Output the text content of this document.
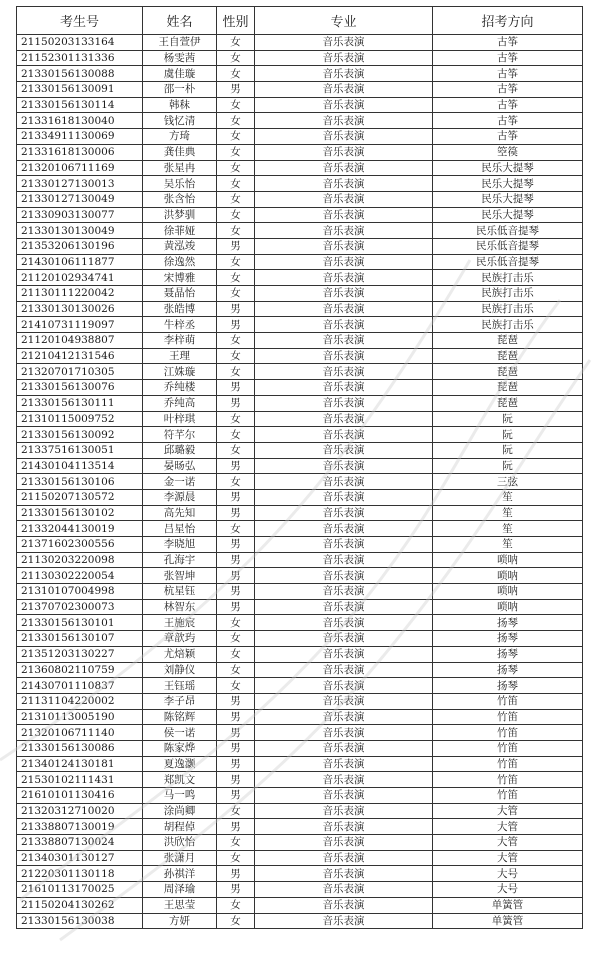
考生号	姓名	性别	专业	招考方向
21150203133164	王自萱伊	女	音乐表演	古筝
21152301131336	杨雯茜	女	音乐表演	古筝
21330156130088	虞佳璇	女	音乐表演	古筝
21330156130091	邵一朴	男	音乐表演	古筝
21330156130114	韩秣	女	音乐表演	古筝
21331618130040	钱忆清	女	音乐表演	古筝
21334911130069	方琦	女	音乐表演	古筝
21331618130006	龚佳典	女	音乐表演	箜篌
21320106711169	张星冉	女	音乐表演	民乐大提琴
21330127130013	吴乐怡	女	音乐表演	民乐大提琴
21330127130049	张含怡	女	音乐表演	民乐大提琴
21330903130077	洪梦驯	女	音乐表演	民乐大提琴
21330130130049	徐菲娅	女	音乐表演	民乐低音提琴
21353206130196	黄泓竣	男	音乐表演	民乐低音提琴
21430106111877	徐逸然	女	音乐表演	民乐低音提琴
21120102934741	宋博雅	女	音乐表演	民族打击乐
21130111220042	聂晶怡	女	音乐表演	民族打击乐
21330130130026	张皓博	男	音乐表演	民族打击乐
21410731119097	牛梓丞	男	音乐表演	民族打击乐
21120104938807	李梓萌	女	音乐表演	琵琶
21210412131546	王理	女	音乐表演	琵琶
21320701710305	江姝璇	女	音乐表演	琵琶
21330156130076	乔纯楼	男	音乐表演	琵琶
21330156130111	乔纯高	男	音乐表演	琵琶
21310115009752	叶梓琪	女	音乐表演	阮
21330156130092	符芊尔	女	音乐表演	阮
21337516130051	邱璐毅	女	音乐表演	阮
21430104113514	晏旸弘	男	音乐表演	阮
21330156130106	金一诺	女	音乐表演	三弦
21150207130572	李源晨	男	音乐表演	笙
21330156130102	高先知	男	音乐表演	笙
21332044130019	吕星怡	女	音乐表演	笙
21371602300556	李晓旭	男	音乐表演	笙
21130203220098	孔海宇	男	音乐表演	唢呐
21130302220054	张智坤	男	音乐表演	唢呐
21310107004998	杭星钰	男	音乐表演	唢呐
21370702300073	林智东	男	音乐表演	唢呐
21330156130101	王施宸	女	音乐表演	扬琴
21330156130107	章歆玙	女	音乐表演	扬琴
21351203130227	尤焙颖	女	音乐表演	扬琴
21360802110759	刘静仪	女	音乐表演	扬琴
21430701110837	王钰瑶	女	音乐表演	扬琴
21131104220002	李子昂	男	音乐表演	竹笛
21310113005190	陈铭辉	男	音乐表演	竹笛
21320106711140	侯一诺	男	音乐表演	竹笛
21330156130086	陈家烨	男	音乐表演	竹笛
21340124130181	夏逸灏	男	音乐表演	竹笛
21530102111431	郑凯文	男	音乐表演	竹笛
21610101130416	马一鸣	男	音乐表演	竹笛
21320312710020	涂尚卿	女	音乐表演	大管
21338807130019	胡程倬	男	音乐表演	大管
21338807130024	洪欣怡	女	音乐表演	大管
21340301130127	张潇月	女	音乐表演	大管
21220301130118	孙祺洋	男	音乐表演	大号
21610113170025	周泽瑜	男	音乐表演	大号
21150204130262	王思莹	女	音乐表演	单簧管
21330156130038	方妍	女	音乐表演	单簧管
